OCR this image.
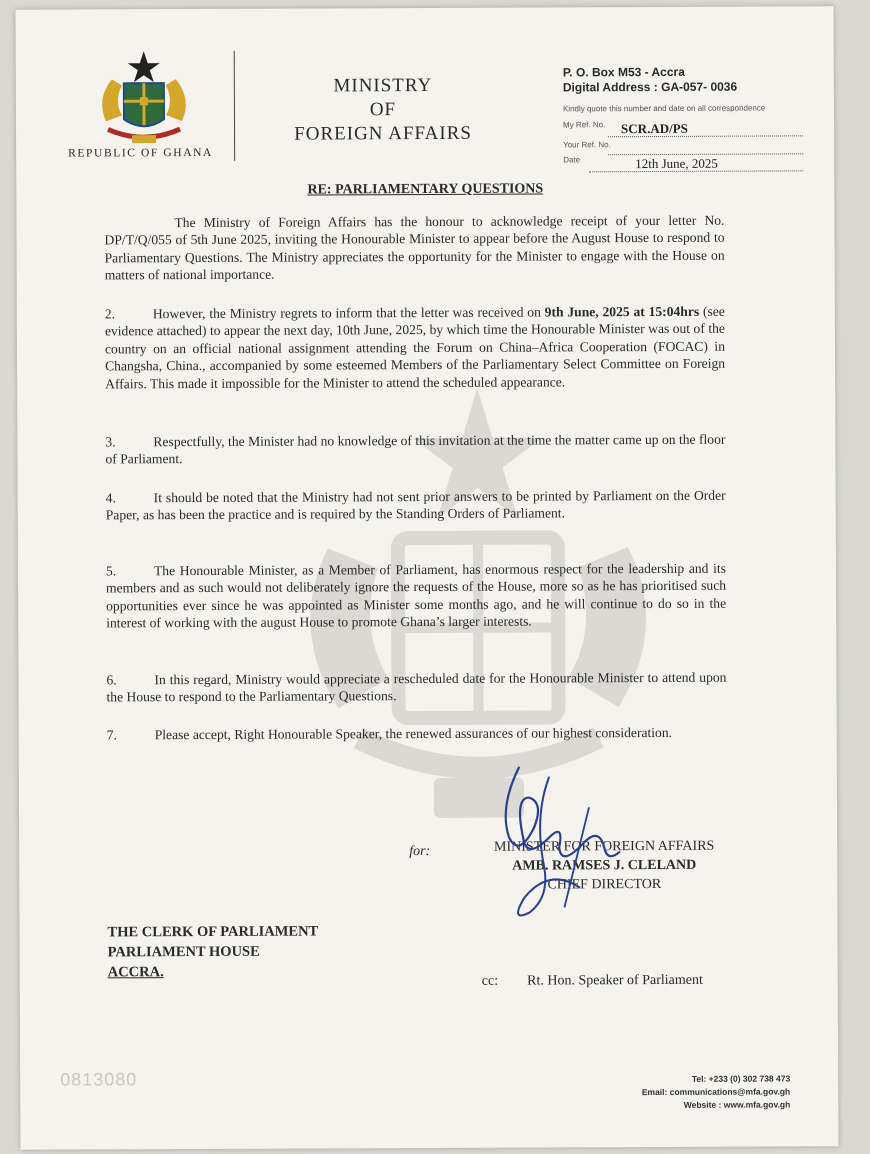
REPUBLIC OF GHANA
MINISTRY
OF
FOREIGN AFFAIRS
P. O. Box M53 - Accra
Digital Address : GA-057- 0036
Kindly quote this number and date on all correspondence
My Ref. No. SCR.AD/PS
Your Ref. No.
Date	12th June, 2025
RE: PARLIAMENTARY QUESTIONS
The Ministry of Foreign Affairs has the honour to acknowledge receipt of your letter No. DP/T/Q/055 of 5th June 2025, inviting the Honourable Minister to appear before the August House to respond to Parliamentary Questions. The Ministry appreciates the opportunity for the Minister to engage with the House on matters of national importance.
2.	However, the Ministry regrets to inform that the letter was received on 9th June, 2025 at 15:04hrs (see evidence attached) to appear the next day, 10th June, 2025, by which time the Honourable Minister was out of the country on an official national assignment attending the Forum on China–Africa Cooperation (FOCAC) in Changsha, China., accompanied by some esteemed Members of the Parliamentary Select Committee on Foreign Affairs. This made it impossible for the Minister to attend the scheduled appearance.
3.	Respectfully, the Minister had no knowledge of this invitation at the time the matter came up on the floor of Parliament.
4.	It should be noted that the Ministry had not sent prior answers to be printed by Parliament on the Order Paper, as has been the practice and is required by the Standing Orders of Parliament.
5.	The Honourable Minister, as a Member of Parliament, has enormous respect for the leadership and its members and as such would not deliberately ignore the requests of the House, more so as he has prioritised such opportunities ever since he was appointed as Minister some months ago, and he will continue to do so in the interest of working with the august House to promote Ghana’s larger interests.
6.	In this regard, Ministry would appreciate a rescheduled date for the Honourable Minister to attend upon the House to respond to the Parliamentary Questions.
7.	Please accept, Right Honourable Speaker, the renewed assurances of our highest consideration.
for:	MINISTER FOR FOREIGN AFFAIRS
AMB. RAMSES J. CLELAND
CHIEF DIRECTOR
THE CLERK OF PARLIAMENT
PARLIAMENT HOUSE
ACCRA.
cc: Rt. Hon. Speaker of Parliament
0813080	Tel: +233 (0) 302 738 473
Email: communications@mfa.gov.gh
Website : www.mfa.gov.gh
